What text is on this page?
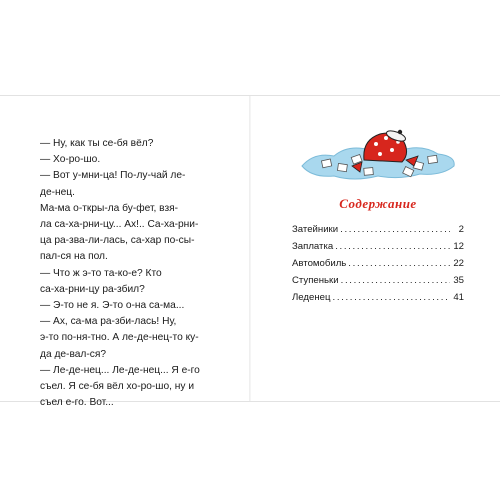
— Ну, как ты се-бя вёл?

— Хо-ро-шо.

— Вот у-мни-ца! По-лу-чай ле-

де-нец.

Ма-ма о-ткры-ла бу-фет, взя-

ла са-ха-рни-цу... Ах!.. Са-ха-рни-

ца ра-зва-ли-лась, са-хар по-сы-

пал-ся на пол.

— Что ж э-то та-ко-е? Кто

са-ха-рни-цу ра-збил?

— Э-то не я. Э-то о-на са-ма...

— Ах, са-ма ра-зби-лась! Ну,

э-то по-ня-тно. А ле-де-нец-то ку-

да де-вал-ся?

— Ле-де-нец... Ле-де-нец... Я е-го

съел. Я се-бя вёл хо-ро-шо, ну и

съел е-го. Вот...

Содержание
Затейники . . .	2
Заплатка . . .	12
Автомобиль . . .	22
Ступеньки . . .	35
Леденец . . .	41
